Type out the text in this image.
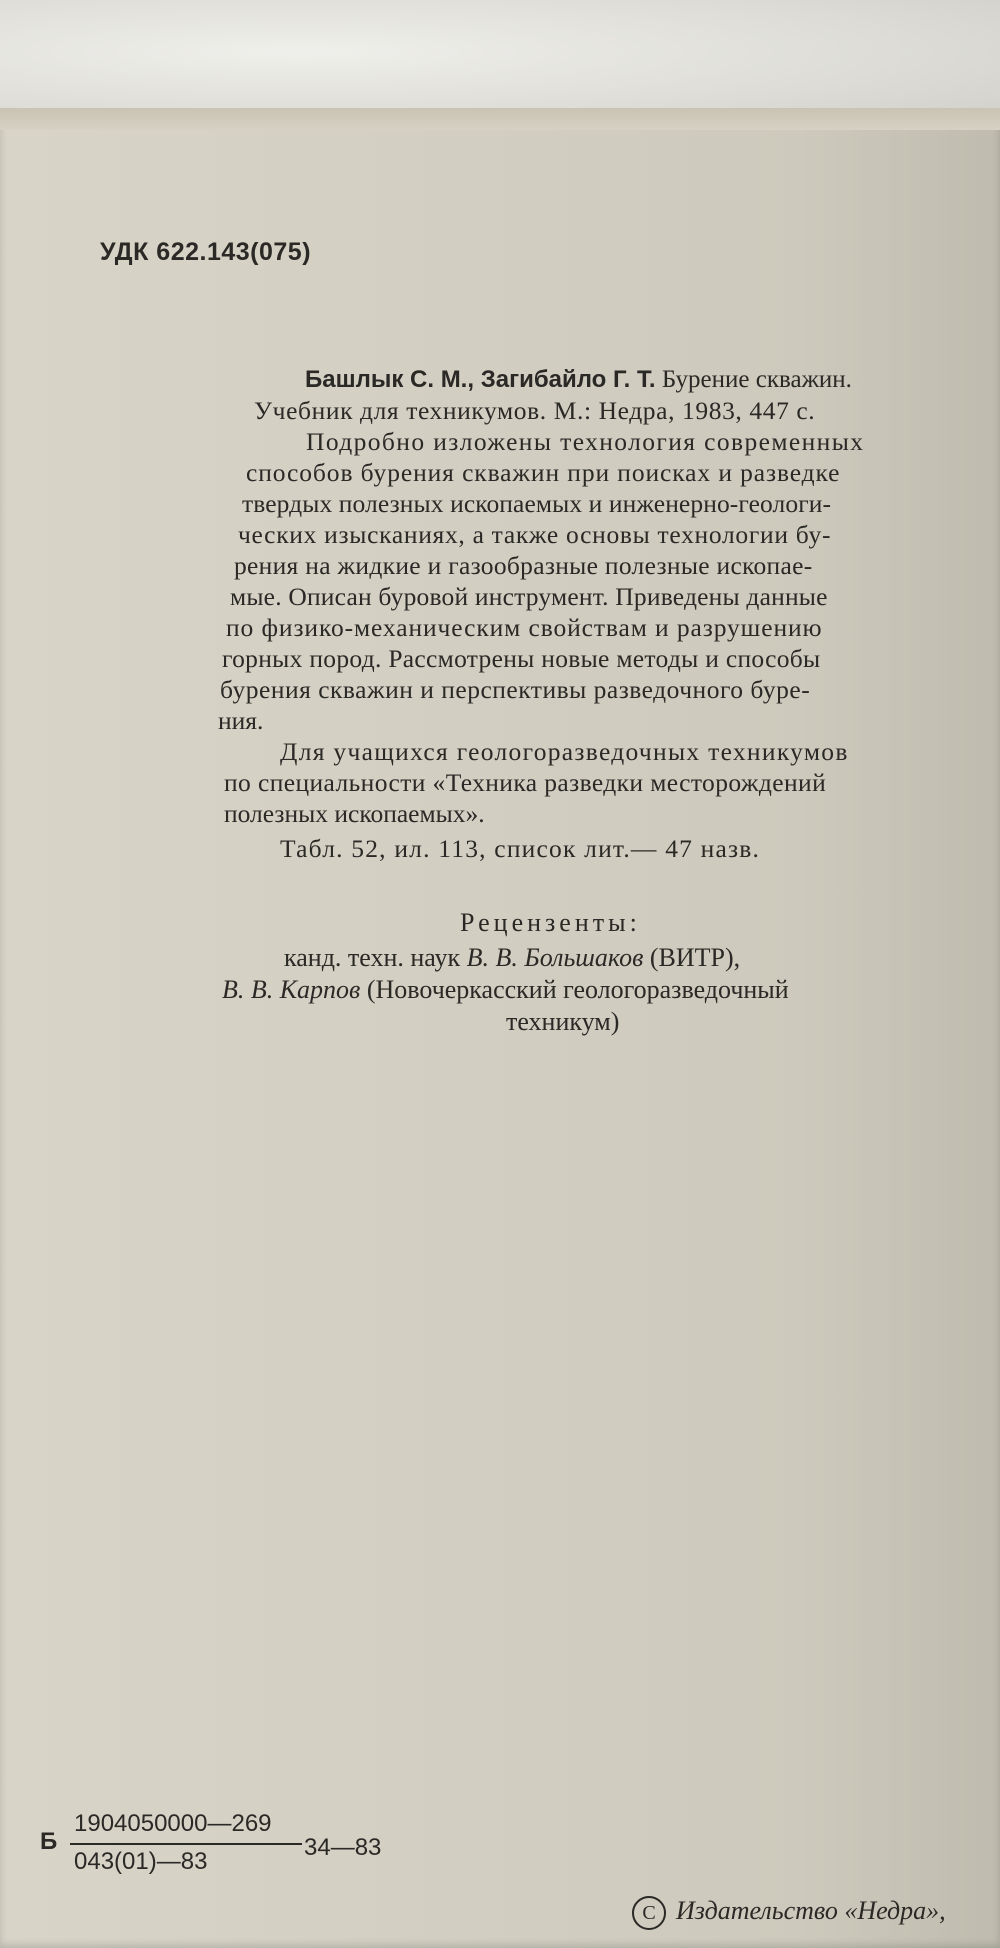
УДК 622.143(075)
Башлык С. М., Загибайло Г. Т. Бурение скважин.
Учебник для техникумов. М.: Недра, 1983, 447 с.
Подробно изложены технология современных
способов бурения скважин при поисках и разведке
твердых полезных ископаемых и инженерно-геологи-
ческих изысканиях, а также основы технологии бу-
рения на жидкие и газообразные полезные ископае-
мые. Описан буровой инструмент. Приведены данные
по физико-механическим свойствам и разрушению
горных пород. Рассмотрены новые методы и способы
бурения скважин и перспективы разведочного буре-
ния.
Для учащихся геологоразведочных техникумов
по специальности «Техника разведки месторождений
полезных ископаемых».
Табл. 52, ил. 113, список лит.— 47 назв.
Рецензенты:
канд. техн. наук В. В. Большаков (ВИТР),
В. В. Карпов (Новочеркасский геологоразведочный
техникум)
Б
1904050000—269
043(01)—83
34—83
C Издательство «Недра»,
